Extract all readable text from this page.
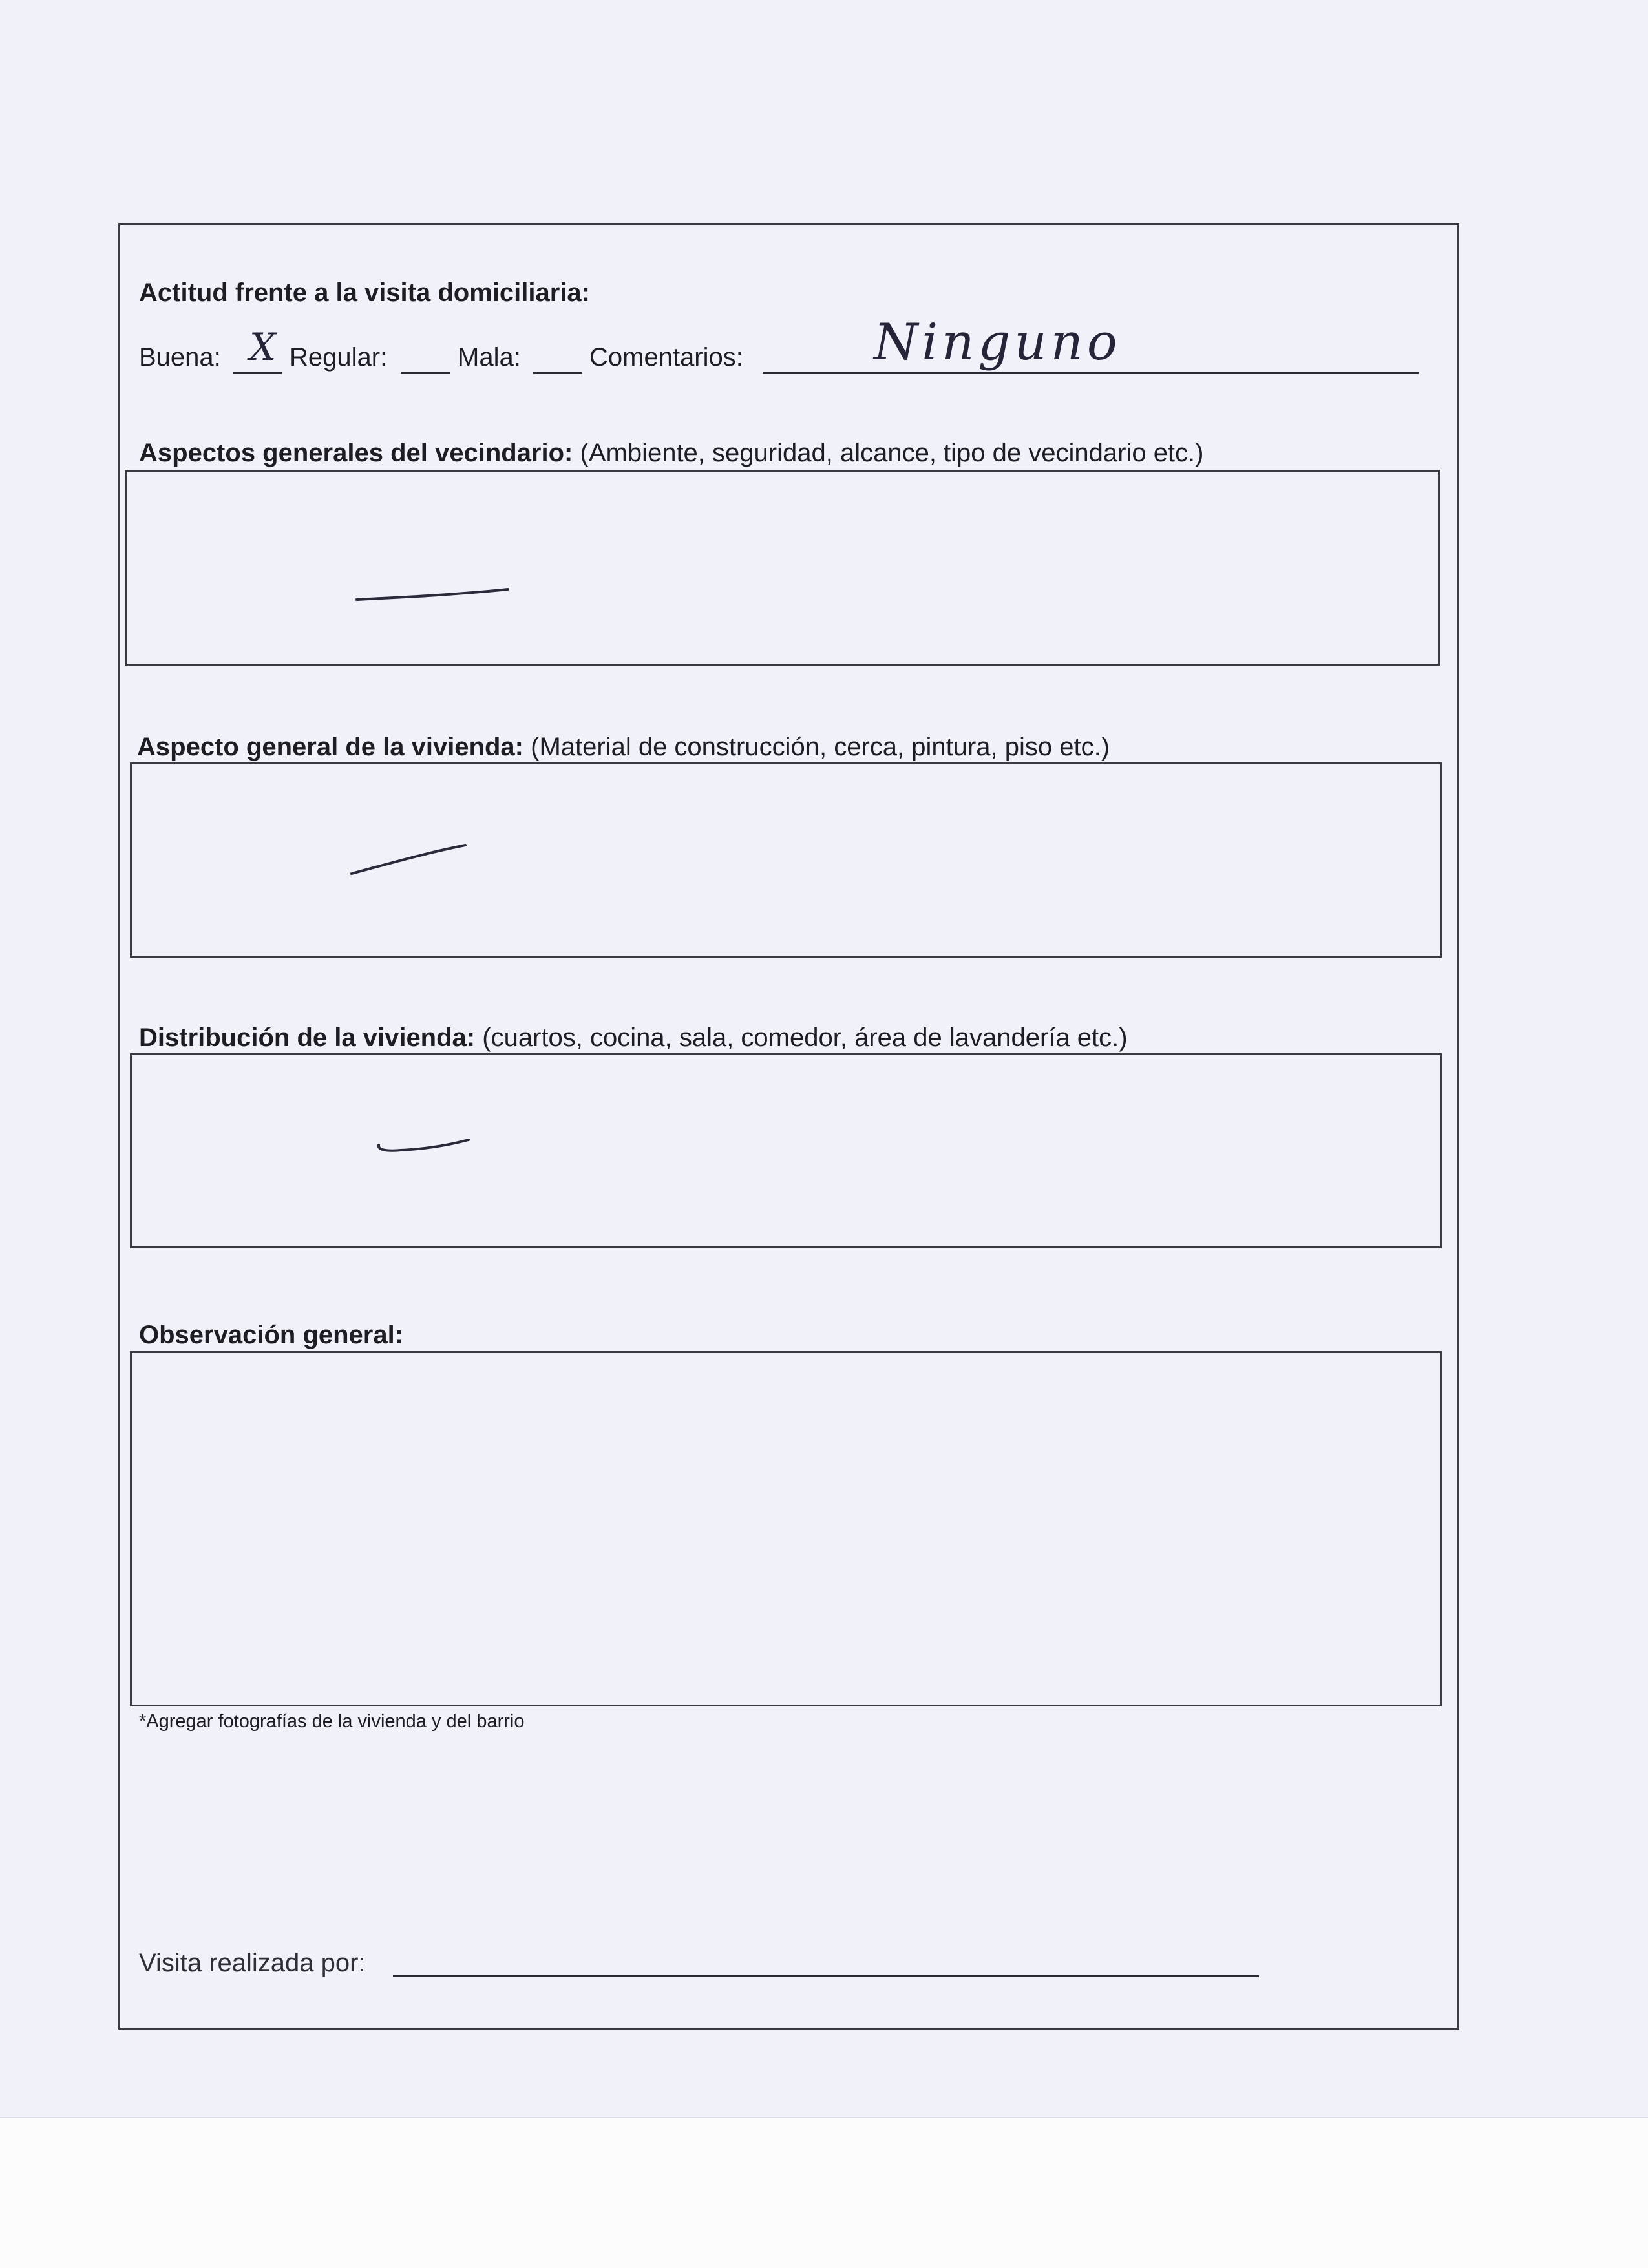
Actitud frente a la visita domiciliaria:
Buena: X Regular:	Mala:	Comentarios:	Ninguno
Aspectos generales del vecindario: (Ambiente, seguridad, alcance, tipo de vecindario etc.)
Aspecto general de la vivienda: (Material de construcción, cerca, pintura, piso etc.)
Distribución de la vivienda: (cuartos, cocina, sala, comedor, área de lavandería etc.)
Observación general:
*Agregar fotografías de la vivienda y del barrio
Visita realizada por:
